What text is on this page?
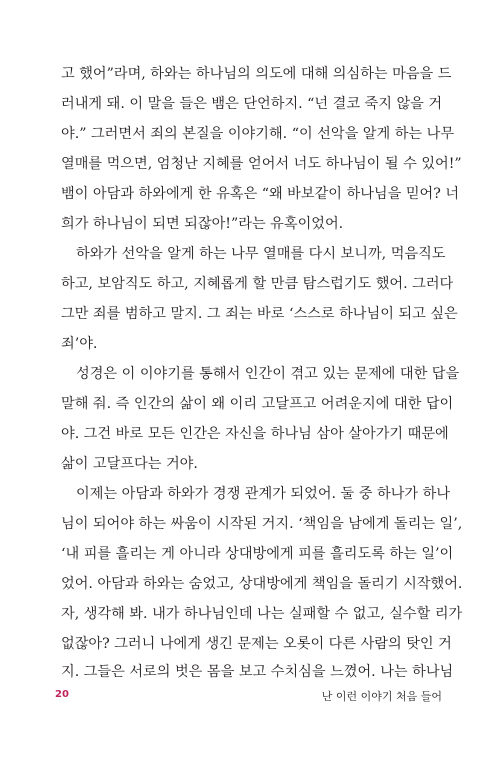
고 했어”라며, 하와는 하나님의 의도에 대해 의심하는 마음을 드
러내게 돼. 이 말을 들은 뱀은 단언하지. “넌 결코 죽지 않을 거
야.” 그러면서 죄의 본질을 이야기해. “이 선악을 알게 하는 나무
열매를 먹으면, 엄청난 지혜를 얻어서 너도 하나님이 될 수 있어!”
뱀이 아담과 하와에게 한 유혹은 “왜 바보같이 하나님을 믿어? 너
희가 하나님이 되면 되잖아!”라는 유혹이었어.
하와가 선악을 알게 하는 나무 열매를 다시 보니까, 먹음직도
하고, 보암직도 하고, 지혜롭게 할 만큼 탐스럽기도 했어. 그러다
그만 죄를 범하고 말지. 그 죄는 바로 ‘스스로 하나님이 되고 싶은
죄’야.
성경은 이 이야기를 통해서 인간이 겪고 있는 문제에 대한 답을
말해 줘. 즉 인간의 삶이 왜 이리 고달프고 어려운지에 대한 답이
야. 그건 바로 모든 인간은 자신을 하나님 삼아 살아가기 때문에
삶이 고달프다는 거야.
이제는 아담과 하와가 경쟁 관계가 되었어. 둘 중 하나가 하나
님이 되어야 하는 싸움이 시작된 거지. ‘책임을 남에게 돌리는 일’,
‘내 피를 흘리는 게 아니라 상대방에게 피를 흘리도록 하는 일’이
었어. 아담과 하와는 숨었고, 상대방에게 책임을 돌리기 시작했어.
자, 생각해 봐. 내가 하나님인데 나는 실패할 수 없고, 실수할 리가
없잖아? 그러니 나에게 생긴 문제는 오롯이 다른 사람의 탓인 거
지. 그들은 서로의 벗은 몸을 보고 수치심을 느꼈어. 나는 하나님
20	난 이런 이야기 처음 들어
